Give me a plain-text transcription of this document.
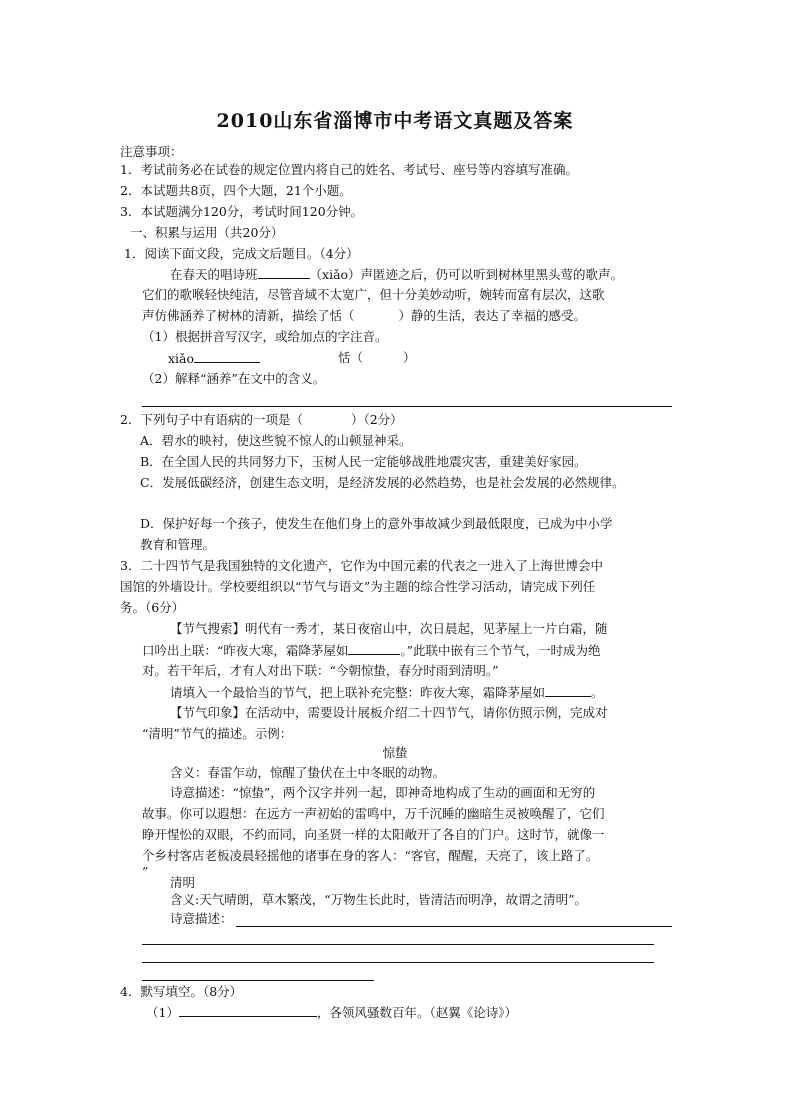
2010山东省淄博市中考语文真题及答案
注意事项：
1．考试前务必在试卷的规定位置内将自己的姓名、考试号、座号等内容填写准确。
2．本试题共8页，四个大题，21个小题。
3．本试题满分120分，考试时间120分钟。
一、积累与运用（共20分）
1．阅读下面文段，完成文后题目。（4分）
在春天的唱诗班	（xiǎo）声匿迹之后，仍可以听到树林里黑头莺的歌声。
它们的歌喉轻快纯洁，尽管音域不太宽广，但十分美妙动听，婉转而富有层次，这歌
声仿佛涵养了树林的清新，描绘了恬（	）静的生活，表达了幸福的感受。
（1）根据拼音写汉字，或给加点的字注音。
xiǎo	恬（	）
（2）解释“涵养”在文中的含义。
2．下列句子中有语病的一项是（	）（2分）
A．碧水的映衬，使这些貌不惊人的山顿显神采。
B．在全国人民的共同努力下，玉树人民一定能够战胜地震灾害，重建美好家园。
C．发展低碳经济，创建生态文明，是经济发展的必然趋势，也是社会发展的必然规律。
D．保护好每一个孩子，使发生在他们身上的意外事故减少到最低限度，已成为中小学
教育和管理。
3．二十四节气是我国独特的文化遗产，它作为中国元素的代表之一进入了上海世博会中
国馆的外墙设计。学校要组织以“节气与语文”为主题的综合性学习活动，请完成下列任
务。（6分）
【节气搜索】明代有一秀才，某日夜宿山中，次日晨起，见茅屋上一片白霜，随
口吟出上联：“昨夜大寒，霜降茅屋如	。”此联中嵌有三个节气，一时成为绝
对。若干年后，才有人对出下联：“今朝惊蛰，春分时雨到清明。”
请填入一个最恰当的节气，把上联补充完整：昨夜大寒，霜降茅屋如	。
【节气印象】在活动中，需要设计展板介绍二十四节气，请你仿照示例，完成对
“清明”节气的描述。示例：
惊蛰
含义：春雷乍动，惊醒了蛰伏在土中冬眠的动物。
诗意描述：“惊蛰”，两个汉字并列一起，即神奇地构成了生动的画面和无穷的
故事。你可以遐想：在远方一声初始的雷鸣中，万千沉睡的幽暗生灵被唤醒了，它们
睁开惺忪的双眼，不约而同，向圣贤一样的太阳敞开了各自的门户。这时节，就像一
个乡村客店老板凌晨轻摇他的诸事在身的客人：“客官，醒醒，天亮了，该上路了。
”
清明
含义:天气晴朗，草木繁茂，“万物生长此时，皆清洁而明净，故谓之清明”。
诗意描述：
4．默写填空。（8分）
（1）	，各领风骚数百年。（赵翼《论诗》）
